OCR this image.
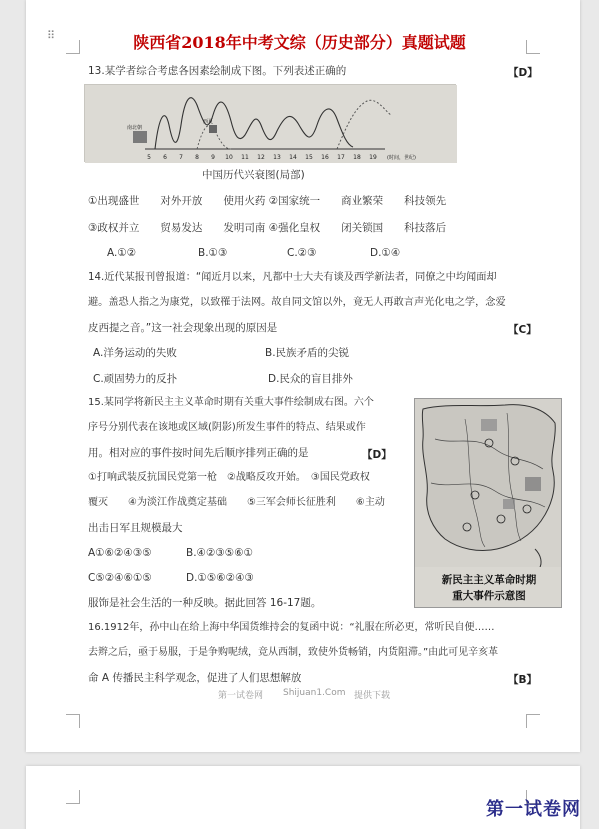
⠿	陕西省2018年中考文综（历史部分）真题试题
13.某学者综合考虑各因素绘制成下图。下列表述正确的	【D】
南北朝
西夏
5 6 7 8 9 10 11 12 13 14 15 16 17 18 19 (时间，世纪)
中国历代兴衰图(局部)
①出现盛世　　对外开放　　使用火药 ②国家统一　　商业繁荣　　科技领先
③政权并立　　贸易发达　　发明司南 ④强化皇权　　闭关锁国　　科技落后
A.①②	B.①③	C.②③	D.①④
14.近代某报刊曾报道：“闻近月以来，凡都中士大夫有谈及西学新法者，同僚之中均闻面却
避。盖恐人指之为康党，以致罹于法网。故自同文馆以外，竟无人再敢言声光化电之学，念爱
皮西提之音。”这一社会现象出现的原因是	【C】
A.洋务运动的失败	B.民族矛盾的尖锐
C.顽固势力的反扑	D.民众的盲目排外
15.某同学将新民主主义革命时期有关重大事件绘制成右图。六个
序号分别代表在该地或区域(阴影)所发生事件的特点、结果或作
用。相对应的事件按时间先后顺序排列正确的是	【D】
①打响武装反抗国民党第一枪　②战略反攻开始。　③国民党政权
覆灭　　④为淡江作战奠定基础　　⑤三军会师长征胜利　　⑥主动
出击日军且规模最大
A①⑥②④③⑤	B.④②③⑤⑥①
C⑤②④⑥①⑤	D.①⑤⑥②④③	新民主主义革命时期
重大事件示意图
服饰是社会生活的一种反映。据此回答 16-17题。
16.1912年，孙中山在给上海中华国货维持会的复函中说：“礼服在所必更，常听民自便……
去辫之后，亟于易服，于是争购呢绒，竞从西制，致使外货畅销，内货阻滞。”由此可见辛亥革
命 A 传播民主科学观念，促进了人们思想解放	【B】
第一试卷网 Shijuan1.Com 提供下载
第一试卷网
